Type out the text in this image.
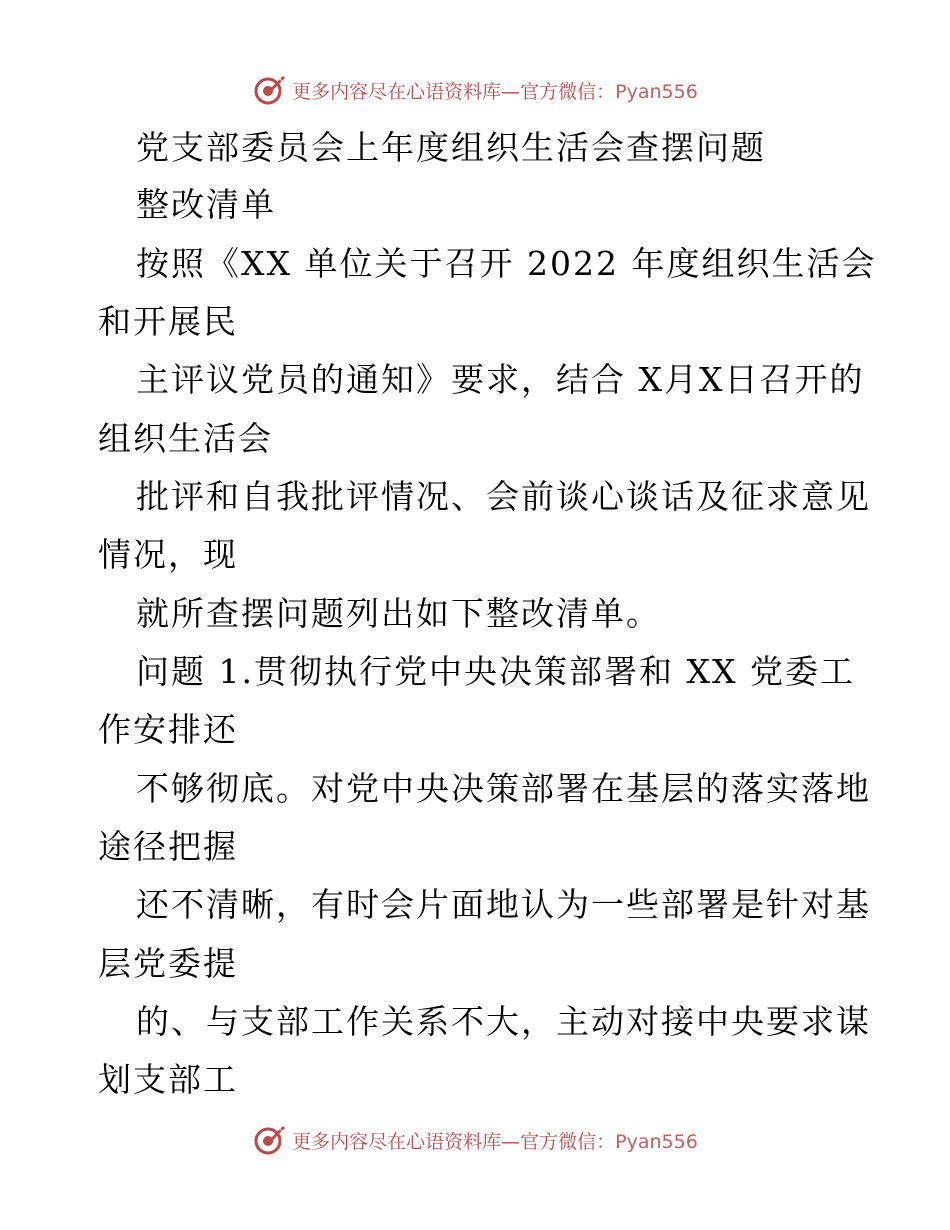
更多内容尽在心语资料库—官方微信：Pyan556
党支部委员会上年度组织生活会查摆问题
整改清单
按照《XX 单位关于召开 2022 年度组织生活会
和开展民
主评议党员的通知》要求，结合 X月X日召开的
组织生活会
批评和自我批评情况、会前谈心谈话及征求意见
情况，现
就所查摆问题列出如下整改清单。
问题 1.贯彻执行党中央决策部署和 XX 党委工
作安排还
不够彻底。对党中央决策部署在基层的落实落地
途径把握
还不清晰，有时会片面地认为一些部署是针对基
层党委提
的、与支部工作关系不大，主动对接中央要求谋
划支部工
更多内容尽在心语资料库—官方微信：Pyan556
